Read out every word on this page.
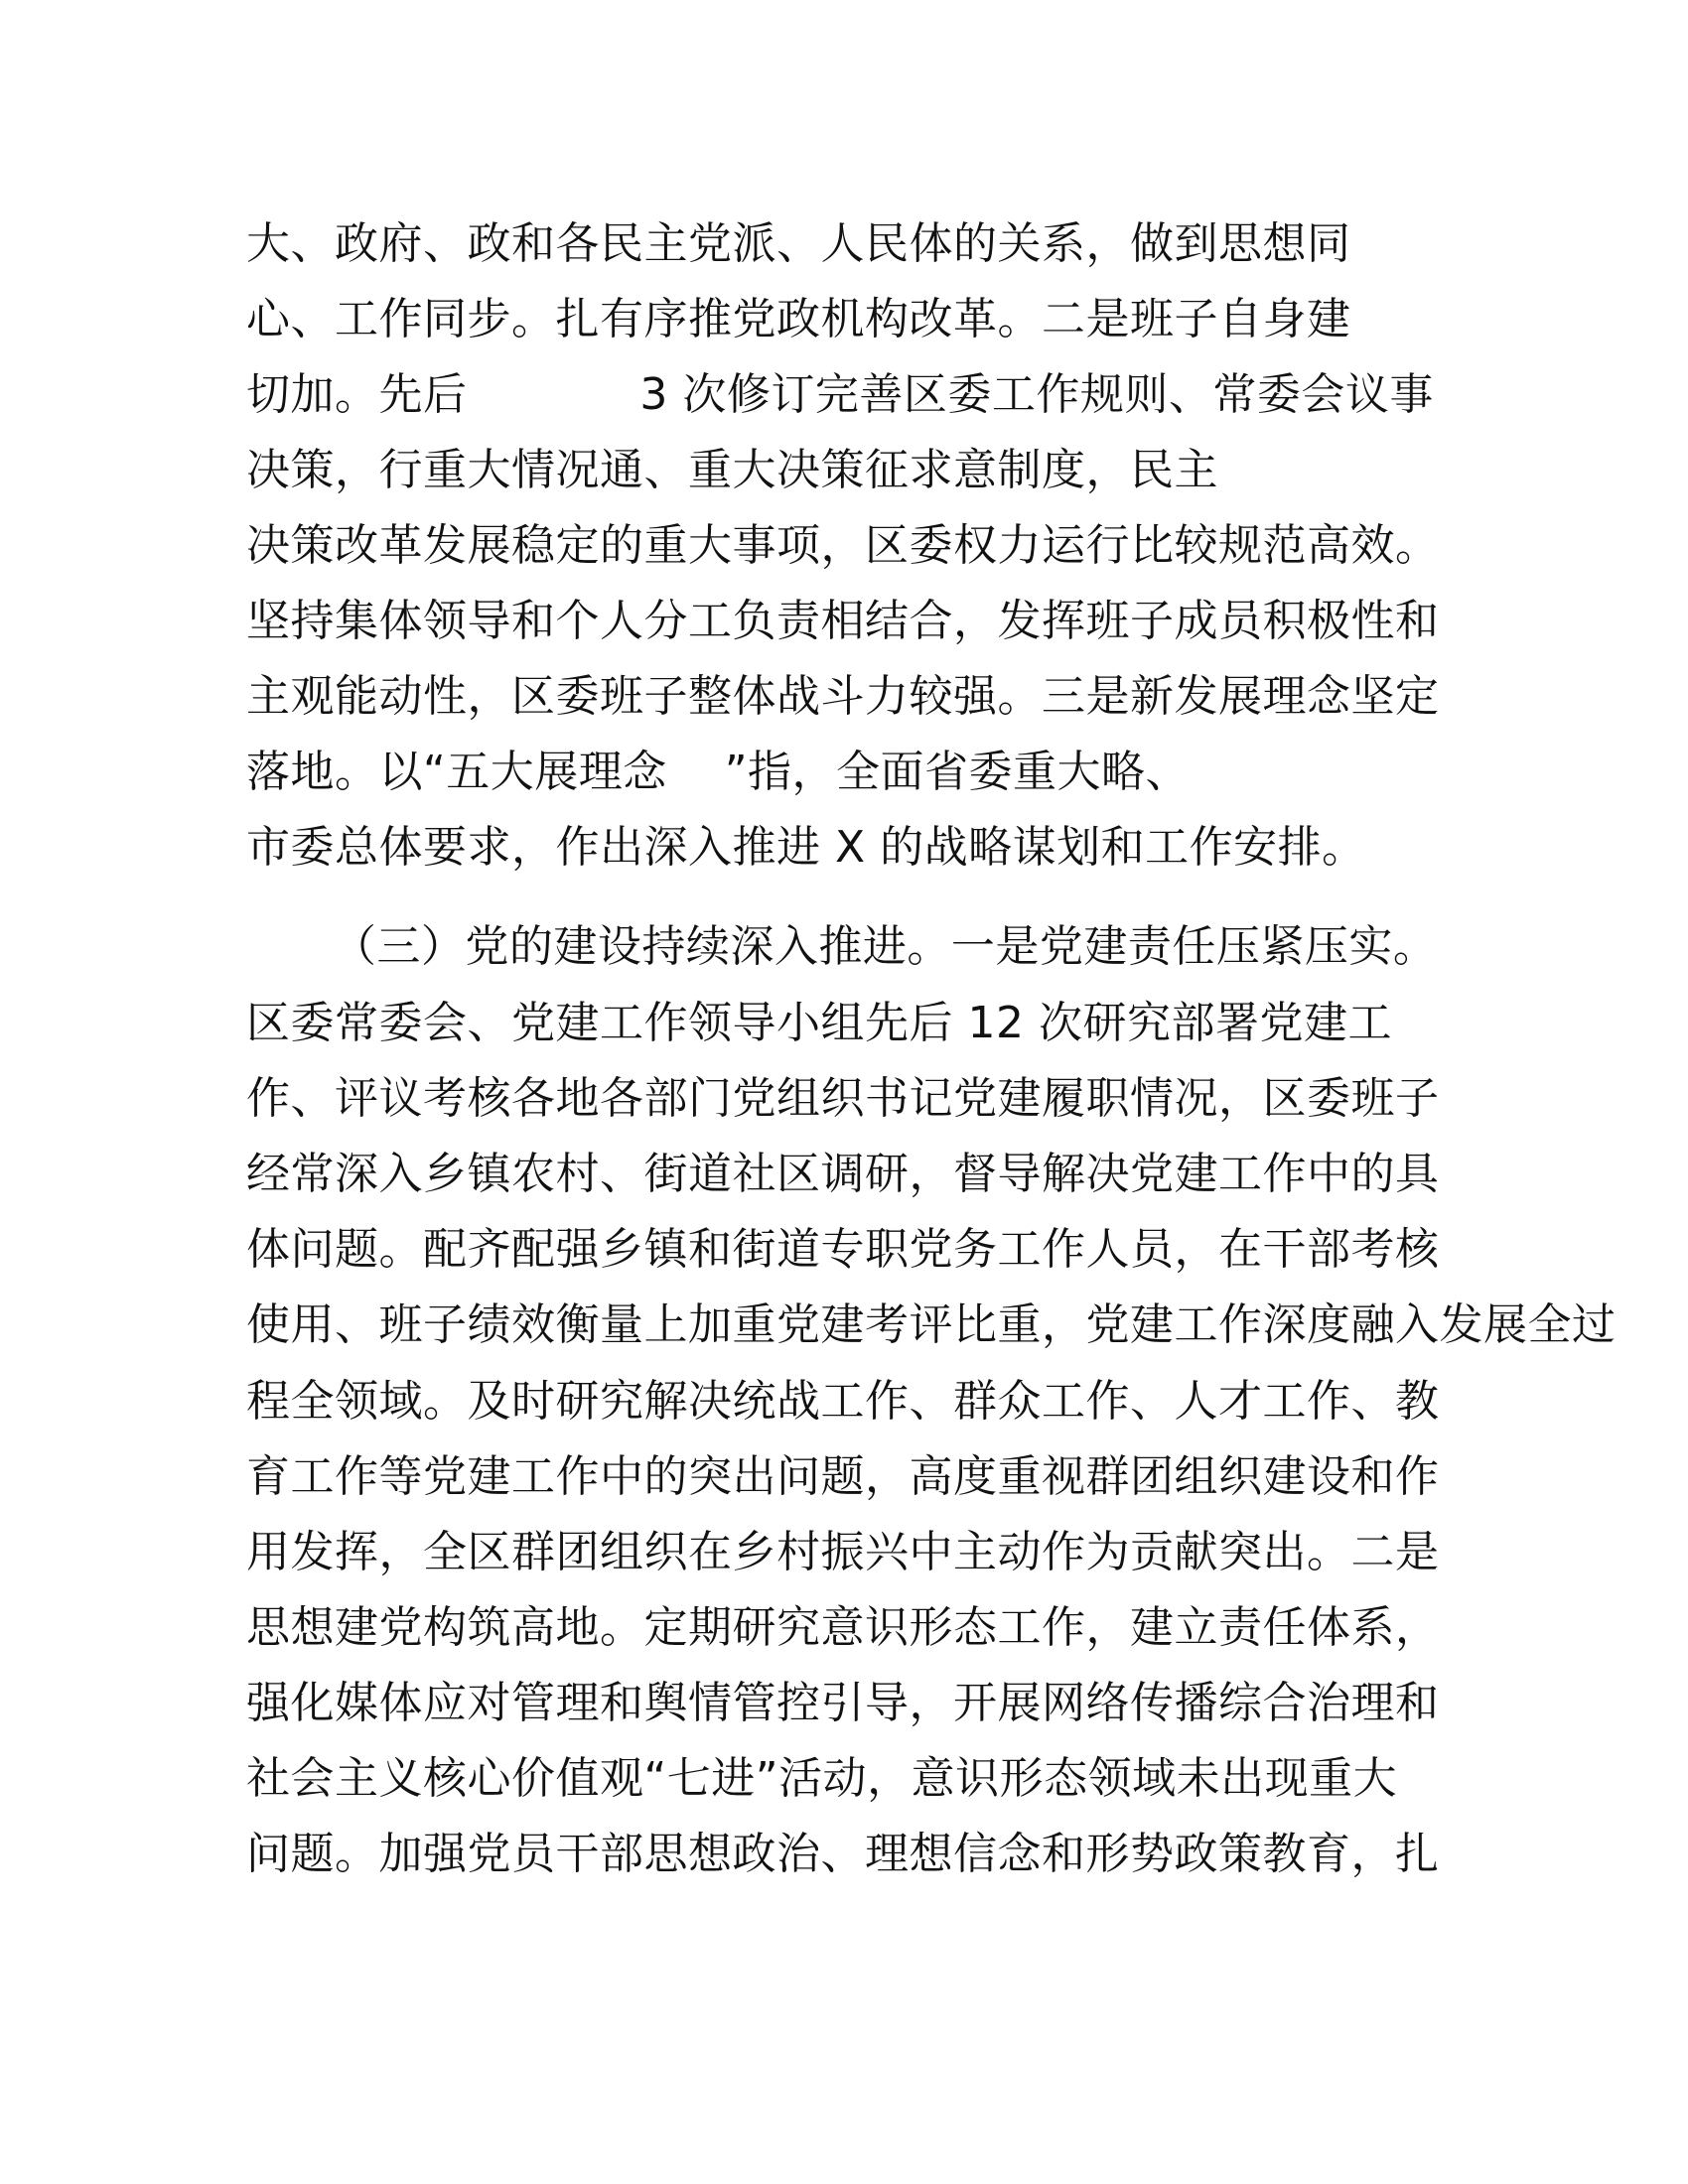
大、政府、政和各民主党派、人民体的关系，做到思想同
心、工作同步。扎有序推党政机构改革。二是班子自身建
切加。先后            3 次修订完善区委工作规则、常委会议事
决策，行重大情况通、重大决策征求意制度，民主
决策改革发展稳定的重大事项，区委权力运行比较规范高效。
坚持集体领导和个人分工负责相结合，发挥班子成员积极性和
主观能动性，区委班子整体战斗力较强。三是新发展理念坚定
落地。以“五大展理念    ”指，全面省委重大略、
市委总体要求，作出深入推进 X 的战略谋划和工作安排。
（三）党的建设持续深入推进。一是党建责任压紧压实。
区委常委会、党建工作领导小组先后 12 次研究部署党建工
作、评议考核各地各部门党组织书记党建履职情况，区委班子
经常深入乡镇农村、街道社区调研，督导解决党建工作中的具
体问题。配齐配强乡镇和街道专职党务工作人员，在干部考核
使用、班子绩效衡量上加重党建考评比重，党建工作深度融入发展全过
程全领域。及时研究解决统战工作、群众工作、人才工作、教
育工作等党建工作中的突出问题，高度重视群团组织建设和作
用发挥，全区群团组织在乡村振兴中主动作为贡献突出。二是
思想建党构筑高地。定期研究意识形态工作，建立责任体系，
强化媒体应对管理和舆情管控引导，开展网络传播综合治理和
社会主义核心价值观“七进”活动，意识形态领域未出现重大
问题。加强党员干部思想政治、理想信念和形势政策教育，扎
